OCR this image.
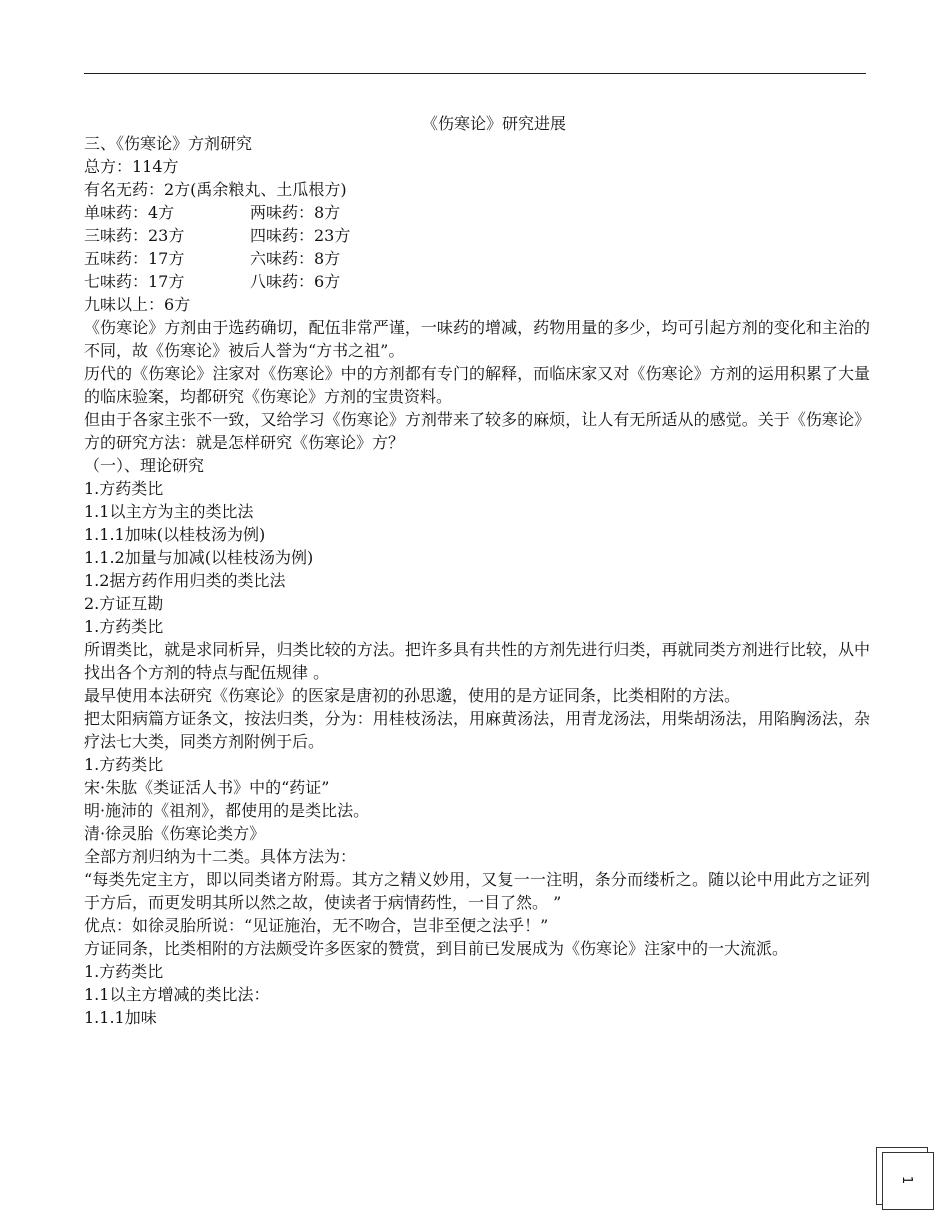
《伤寒论》研究进展
三、《伤寒论》方剂研究
总方：114方
有名无药：2方(禹余粮丸、土瓜根方)
单味药：4方	两味药：8方
三味药：23方	四味药：23方
五味药：17方	六味药：8方
七味药：17方	八味药：6方
九味以上：6方
《伤寒论》方剂由于选药确切，配伍非常严谨，一味药的增减，药物用量的多少，均可引起方剂的变化和主治的不同，故《伤寒论》被后人誉为“方书之祖”。
历代的《伤寒论》注家对《伤寒论》中的方剂都有专门的解释，而临床家又对《伤寒论》方剂的运用积累了大量的临床验案，均都研究《伤寒论》方剂的宝贵资料。
但由于各家主张不一致，又给学习《伤寒论》方剂带来了较多的麻烦，让人有无所适从的感觉。关于《伤寒论》方的研究方法：就是怎样研究《伤寒论》方？
（一）、理论研究
1.方药类比
1.1以主方为主的类比法
1.1.1加味(以桂枝汤为例)
1.1.2加量与加减(以桂枝汤为例)
1.2据方药作用归类的类比法
2.方证互勘
1.方药类比
所谓类比，就是求同析异，归类比较的方法。把许多具有共性的方剂先进行归类，再就同类方剂进行比较，从中找出各个方剂的特点与配伍规律 。
最早使用本法研究《伤寒论》的医家是唐初的孙思邈，使用的是方证同条，比类相附的方法。
把太阳病篇方证条文，按法归类，分为：用桂枝汤法，用麻黄汤法，用青龙汤法，用柴胡汤法，用陷胸汤法，杂疗法七大类，同类方剂附例于后。
1.方药类比
宋·朱肱《类证活人书》中的“药证”
明·施沛的《祖剂》，都使用的是类比法。
清·徐灵胎《伤寒论类方》
全部方剂归纳为十二类。具体方法为：
“每类先定主方，即以同类诸方附焉。其方之精义妙用，又复一一注明，条分而缕析之。随以论中用此方之证列于方后，而更发明其所以然之故，使读者于病情药性，一目了然。 ”
优点：如徐灵胎所说：“见证施治，无不吻合，岂非至便之法乎！”
方证同条，比类相附的方法颇受许多医家的赞赏，到目前已发展成为《伤寒论》注家中的一大流派。
1.方药类比
1.1以主方增减的类比法：
1.1.1加味
1
